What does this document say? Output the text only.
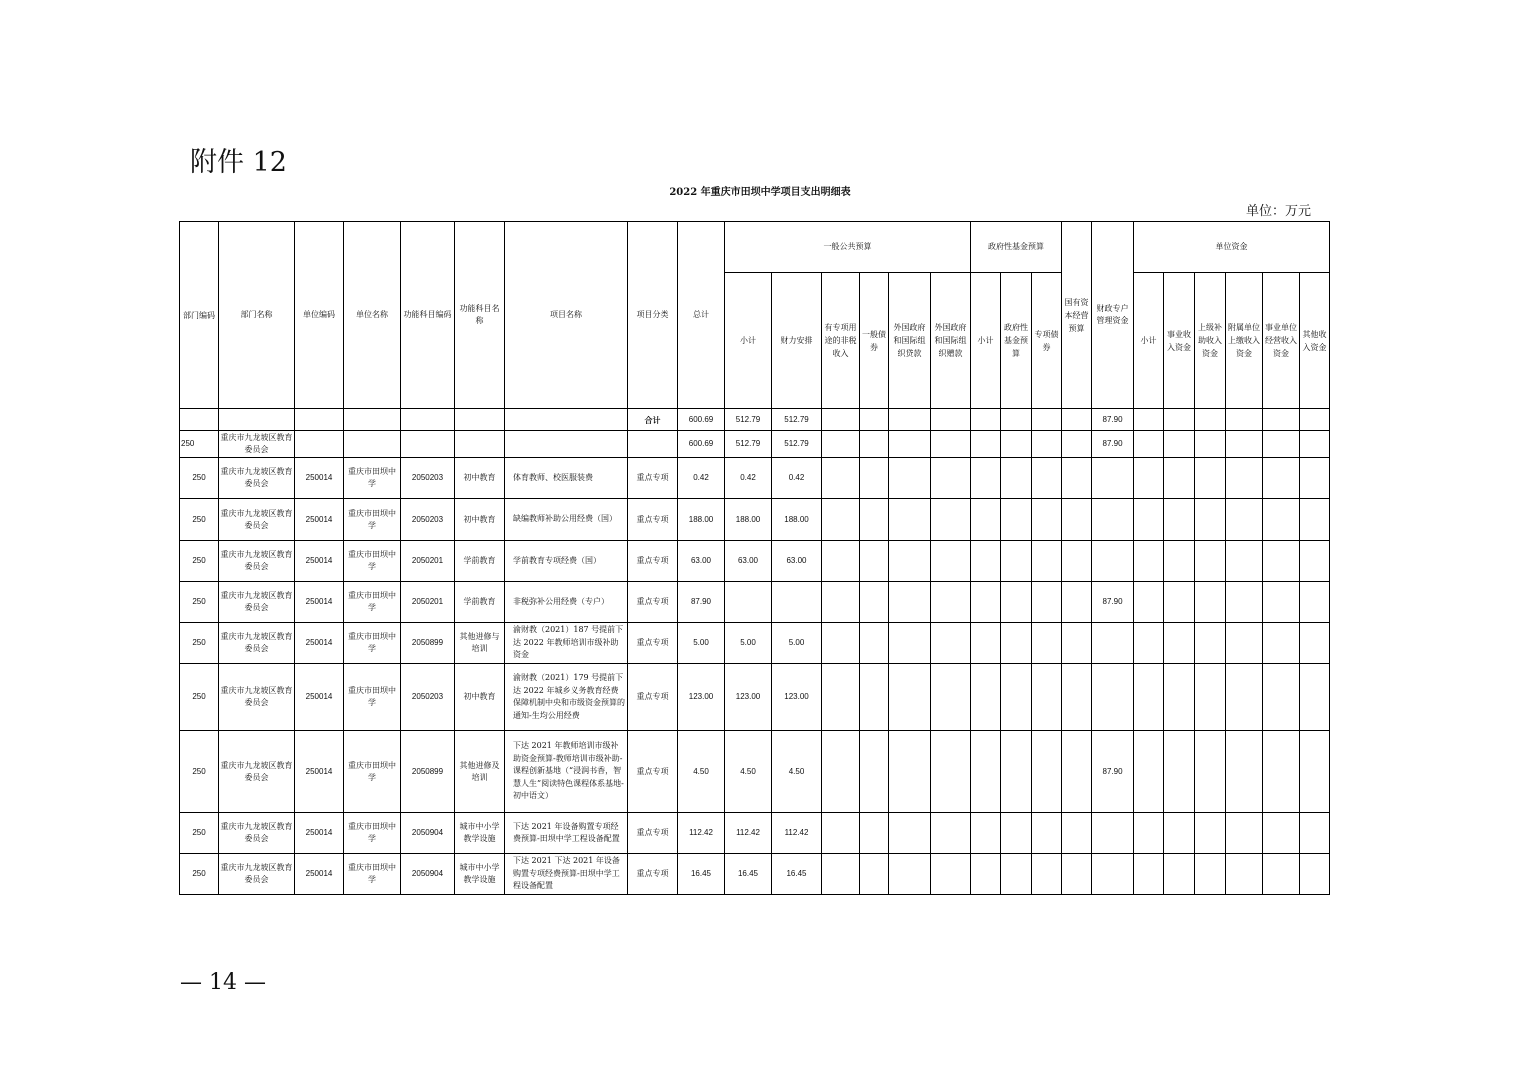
附件 12
2022 年重庆市田坝中学项目支出明细表
单位：万元
部门编码	部门名称	单位编码	单位名称	功能科目编码	功能科目名称	项目名称	项目分类	总计	一般公共预算						政府性基金预算			国有资本经营预算	财政专户管理资金	单位资金					
									小计	财力安排	有专项用途的非税收入	一般债券	外国政府和国际组织贷款	外国政府和国际组织赠款	小计	政府性基金预算	专项债券			小计	事业收入资金	上级补助收入资金	附属单位上缴收入资金	事业单位经营收入资金	其他收入资金
							合计	600.69	512.79	512.79									87.90						
250	重庆市九龙坡区教育委员会							600.69	512.79	512.79									87.90						
250	重庆市九龙坡区教育委员会	250014	重庆市田坝中学	2050203	初中教育	体育教师、校医服装费	重点专项	0.42	0.42	0.42															
250	重庆市九龙坡区教育委员会	250014	重庆市田坝中学	2050203	初中教育	缺编教师补助公用经费（国）	重点专项	188.00	188.00	188.00															
250	重庆市九龙坡区教育委员会	250014	重庆市田坝中学	2050201	学前教育	学前教育专项经费（国）	重点专项	63.00	63.00	63.00															
250	重庆市九龙坡区教育委员会	250014	重庆市田坝中学	2050201	学前教育	非税弥补公用经费（专户）	重点专项	87.90											87.90						
250	重庆市九龙坡区教育委员会	250014	重庆市田坝中学	2050899	其他进修与培训	渝财教（2021）187 号提前下达 2022 年教师培训市级补助资金	重点专项	5.00	5.00	5.00															
250	重庆市九龙坡区教育委员会	250014	重庆市田坝中学	2050203	初中教育	渝财教（2021）179 号提前下达 2022 年城乡义务教育经费保障机制中央和市级资金预算的通知-生均公用经费	重点专项	123.00	123.00	123.00															
250	重庆市九龙坡区教育委员会	250014	重庆市田坝中学	2050899	其他进修及培训	下达 2021 年教师培训市级补助资金预算-教师培训市级补助-课程创新基地（“浸润书香，智慧人生”阅读特色课程体系基地-初中语文）	重点专项	4.50	4.50	4.50									87.90						
250	重庆市九龙坡区教育委员会	250014	重庆市田坝中学	2050904	城市中小学教学设施	下达 2021 年设备购置专项经费预算-田坝中学工程设备配置	重点专项	112.42	112.42	112.42															
250	重庆市九龙坡区教育委员会	250014	重庆市田坝中学	2050904	城市中小学教学设施	下达 2021 下达 2021 年设备购置专项经费预算-田坝中学工程设备配置	重点专项	16.45	16.45	16.45															
— 14 —
